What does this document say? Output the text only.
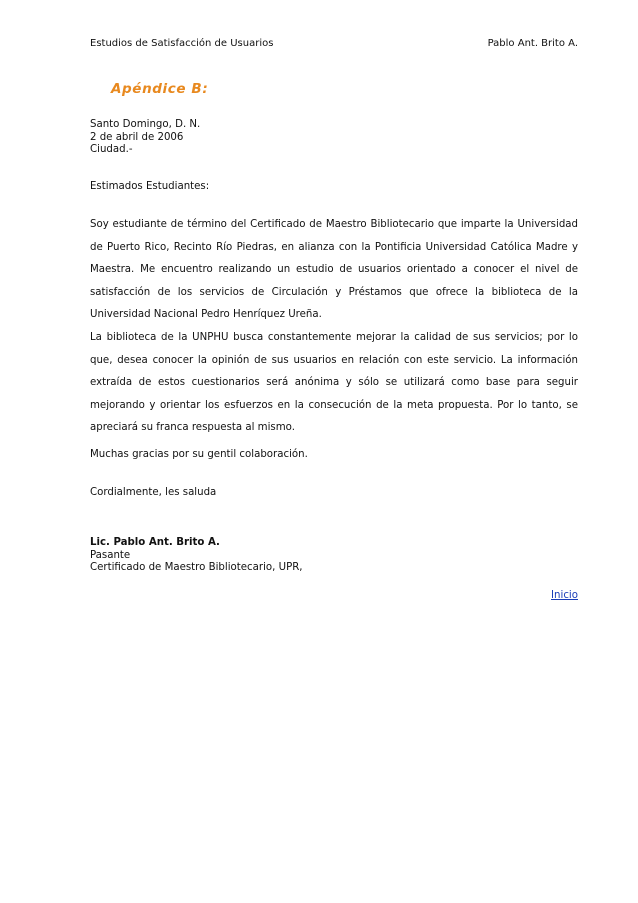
Estudios de Satisfacción de Usuarios	Pablo Ant. Brito A.
Apéndice B:
Santo Domingo, D. N.
2 de abril de 2006
Ciudad.-
Estimados Estudiantes:

Soy estudiante de término del Certificado de Maestro Bibliotecario que imparte la Universidad de Puerto Rico, Recinto Río Piedras, en alianza con la Pontificia Universidad Católica Madre y Maestra. Me encuentro realizando un estudio de usuarios orientado a conocer el nivel de satisfacción de los servicios de Circulación y Préstamos que ofrece la biblioteca de la Universidad Nacional Pedro Henríquez Ureña.

La biblioteca de la UNPHU busca constantemente mejorar la calidad de sus servicios; por lo que, desea conocer la opinión de sus usuarios en relación con este servicio. La información extraída de estos cuestionarios será anónima y sólo se utilizará como base para seguir mejorando y orientar los esfuerzos en la consecución de la meta propuesta. Por lo tanto, se apreciará su franca respuesta al mismo.

Muchas gracias por su gentil colaboración.
Cordialmente, les saluda
Lic. Pablo Ant. Brito A.
Pasante
Certificado de Maestro Bibliotecario, UPR,
Inicio
